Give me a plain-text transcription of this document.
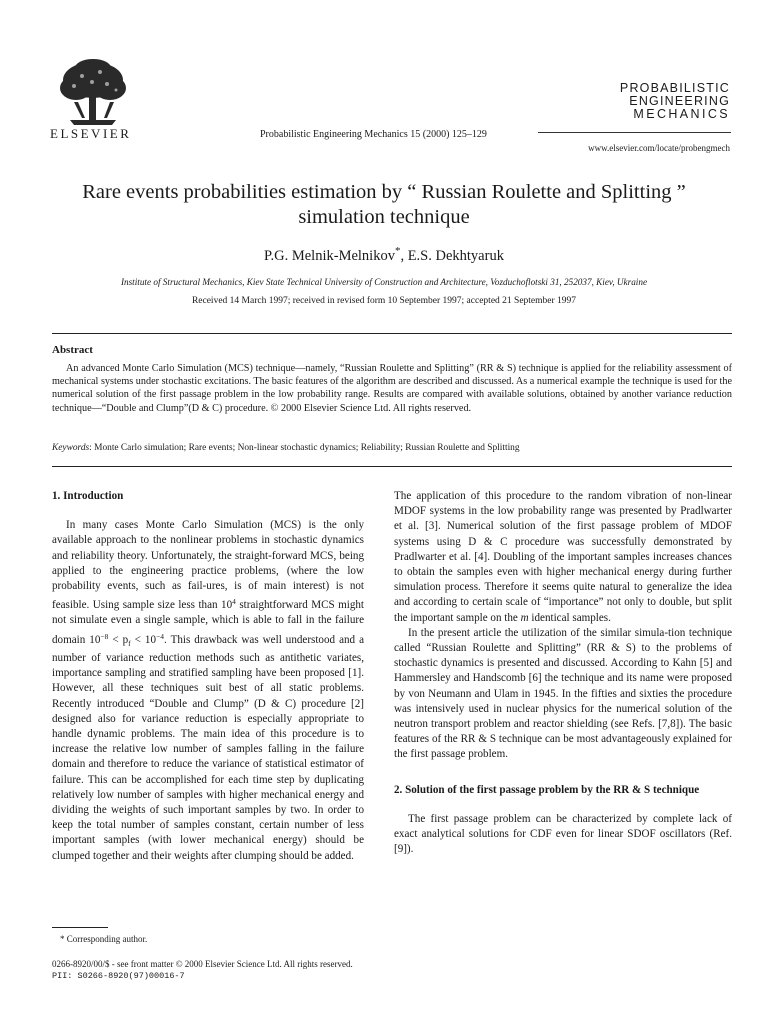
ELSEVIER	Probabilistic Engineering Mechanics 15 (2000) 125–129
PROBABILISTIC
ENGINEERING
MECHANICS
www.elsevier.com/locate/probengmech
Rare events probabilities estimation by “ Russian Roulette and Splitting ”
simulation technique
P.G. Melnik-Melnikov*, E.S. Dekhtyaruk
Institute of Structural Mechanics, Kiev State Technical University of Construction and Architecture, Vozduchoflotski 31, 252037, Kiev, Ukraine
Received 14 March 1997; received in revised form 10 September 1997; accepted 21 September 1997
Abstract
An advanced Monte Carlo Simulation (MCS) technique—namely, “Russian Roulette and Splitting” (RR & S) technique is applied for the reliability assessment of mechanical systems under stochastic excitations. The basic features of the algorithm are described and discussed. As a numerical example the technique is used for the numerical solution of the first passage problem in the low probability range. Results are compared with available solutions, obtained by another variance reduction technique—“Double and Clump”(D & C) procedure. © 2000 Elsevier Science Ltd. All rights reserved.
Keywords: Monte Carlo simulation; Rare events; Non-linear stochastic dynamics; Reliability; Russian Roulette and Splitting
1. Introduction

In many cases Monte Carlo Simulation (MCS) is the only available approach to the nonlinear problems in stochastic dynamics and reliability theory. Unfortunately, the straight-forward MCS, being applied to the engineering practice problems, (where the low probability events, such as fail-ures, is of main interest) is not feasible. Using sample size less than $10^4$ straightforward MCS might not simulate even a single sample, which is able to fall in the failure domain $10^{-8} < p_f < 10^{-4}$. This drawback was well understood and a number of variance reduction methods such as antithetic variates, importance sampling and stratified sampling have been proposed [1]. However, all these techniques suit best of all static problems. Recently introduced “Double and Clump” (D & C) procedure [2] designed also for variance reduction is especially appropriate to handle dynamic problems. The main idea of this procedure is to increase the relative low number of samples falling in the failure domain and therefore to reduce the variance of statistical estimator of failure. This can be accomplished for each time step by duplicating relatively low number of samples with higher mechanical energy and dividing the weights of such important samples by two. In order to keep the total number of samples constant, certain number of less important samples (with lower mechanical energy) should be clumped together and their weights after clumping should be added.

The application of this procedure to the random vibration of non-linear MDOF systems in the low probability range was presented by Pradlwarter et al. [3]. Numerical solution of the first passage problem of MDOF systems using D & C procedure was successfully demonstrated by Pradlwarter et al. [4]. Doubling of the important samples increases chances to obtain the samples even with higher mechanical energy during further simulation process. Therefore it seems quite natural to generalize the idea and according to certain scale of “importance” not only to double, but split the important sample on the m identical samples.

In the present article the utilization of the similar simula-tion technique called “Russian Roulette and Splitting” (RR & S) to the problems of stochastic dynamics is presented and discussed. According to Kahn [5] and Hammersley and Handscomb [6] the technique and its name were proposed by von Neumann and Ulam in 1945. In the fifties and sixties the procedure was intensively used in nuclear physics for the numerical solution of the neutron transport problem and reactor shielding (see Refs. [7,8]). The basic features of the RR & S technique can be most advantageously explained for the first passage problem.

2. Solution of the first passage problem by the RR & S technique

The first passage problem can be characterized by complete lack of exact analytical solutions for CDF even for linear SDOF oscillators (Ref. [9]).

* Corresponding author.
0266-8920/00/$ - see front matter © 2000 Elsevier Science Ltd. All rights reserved.
PII: S0266-8920(97)00016-7
